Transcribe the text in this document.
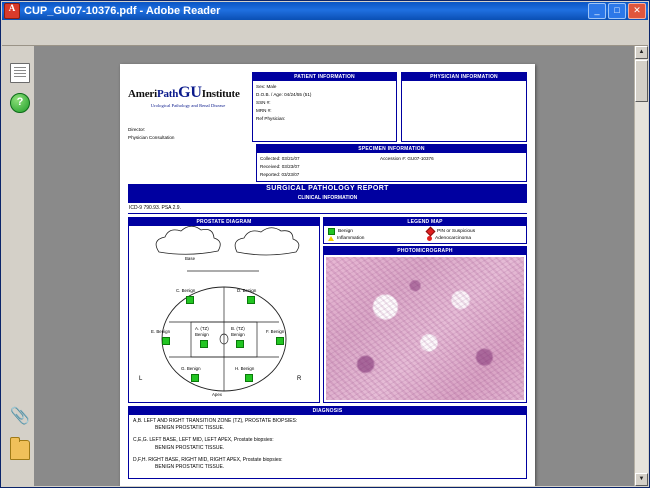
A
CUP_GU07-10376.pdf - Adobe Reader	_	□	✕
?
📎
AmeriPathGUInstitute
Urological Pathology and Renal Disease
Director:
Physician Consultation
PATIENT INFORMATION
Sex: Male
D.O.B. / Age: 04/24/55 (51)
SSN #:
MRN #:
Ref Physician:
PHYSICIAN INFORMATION
SPECIMEN INFORMATION
Collected: 03/21/07
Received: 03/23/07
Reported: 03/23/07
Accession #: GU07-10376
SURGICAL PATHOLOGY REPORT
CLINICAL INFORMATION
ICD-9 790.93. PSA 2.9.
PROSTATE DIAGRAM
Base
Apex
L	R
C. Benign	D. Benign
E. Benign
A. (TZ)
Benign
B. (TZ)
Benign
F. Benign
G. Benign	H. Benign
LEGEND MAP
Benign	PIN or Suspicious
Inflammation	Adenocarcinoma
PHOTOMICROGRAPH
DIAGNOSIS

A,B. LEFT AND RIGHT TRANSITION ZONE (TZ), PROSTATE BIOPSIES:
BENIGN PROSTATIC TISSUE.

C,E,G. LEFT BASE, LEFT MID, LEFT APEX, Prostate biopsies:
BENIGN PROSTATIC TISSUE.

D,F,H. RIGHT BASE, RIGHT MID, RIGHT APEX, Prostate biopsies:
BENIGN PROSTATIC TISSUE.

▲
▼
